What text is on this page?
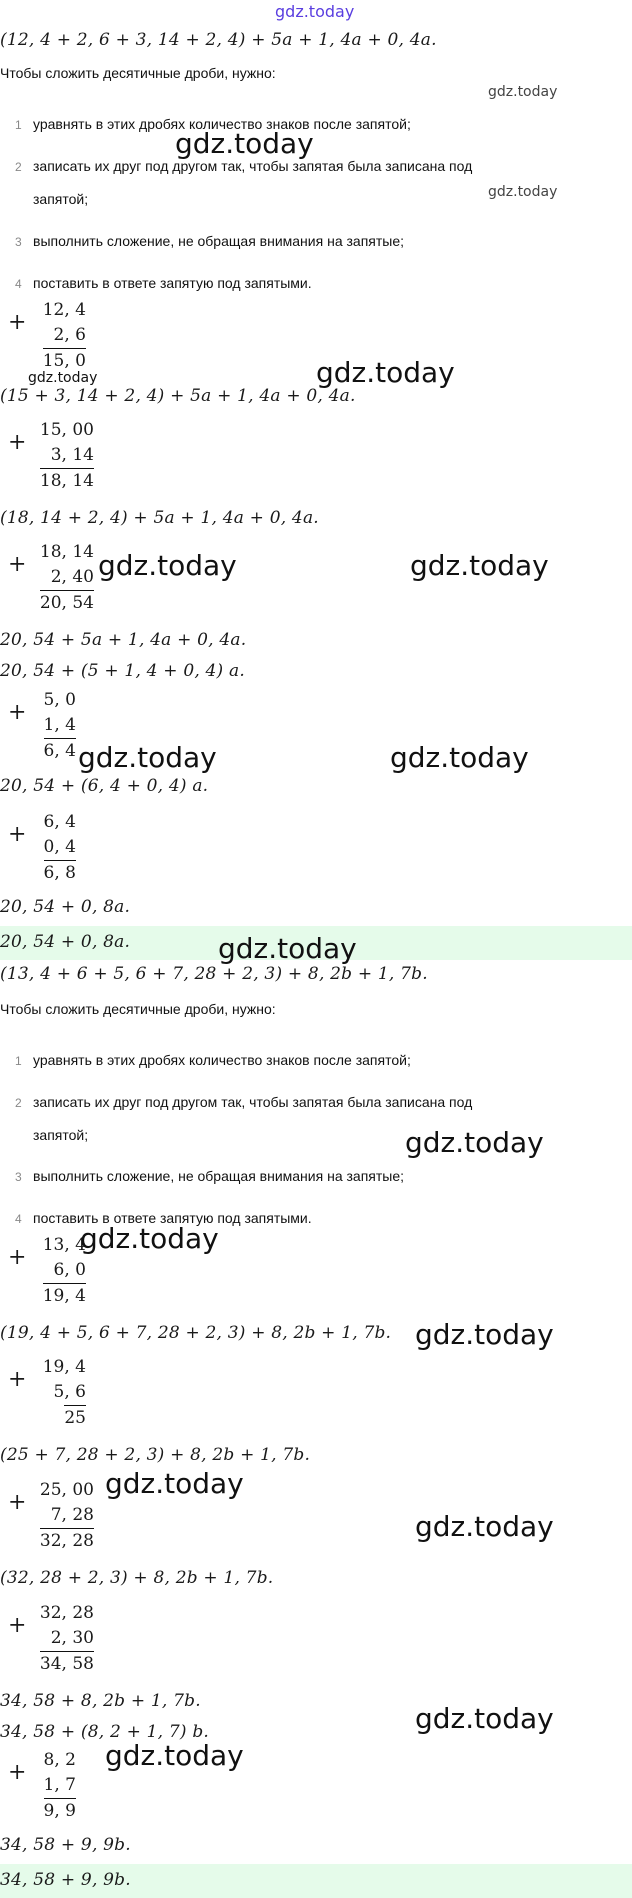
gdz.today
(12, 4 + 2, 6 + 3, 14 + 2, 4) + 5a + 1, 4a + 0, 4a.
Чтобы сложить десятичные дроби, нужно:
gdz.today
1 уравнять в этих дробях количество знаков после запятой;
gdz.today
2 записать их друг под другом так, чтобы запятая была записана под
запятой;	gdz.today
3 выполнить сложение, не обращая внимания на запятые;
4 поставить в ответе запятую под запятыми.
+ 12, 4
2, 6
15, 0
gdz.today	gdz.today
(15 + 3, 14 + 2, 4) + 5a + 1, 4a + 0, 4a.
+ 15, 00
3, 14
18, 14
(18, 14 + 2, 4) + 5a + 1, 4a + 0, 4a.
+ 18, 14
2, 40
20, 54
gdz.today	gdz.today
20, 54 + 5a + 1, 4a + 0, 4a.
20, 54 + (5 + 1, 4 + 0, 4) a.
+	5, 0
1, 4
6, 4 gdz.today	gdz.today
20, 54 + (6, 4 + 0, 4) a.
+	6, 4
0, 4
6, 8
20, 54 + 0, 8a.
20, 54 + 0, 8a.	gdz.today
(13, 4 + 6 + 5, 6 + 7, 28 + 2, 3) + 8, 2b + 1, 7b.
Чтобы сложить десятичные дроби, нужно:
1 уравнять в этих дробях количество знаков после запятой;
2 записать их друг под другом так, чтобы запятая была записана под
запятой;	gdz.today
3 выполнить сложение, не обращая внимания на запятые;
4 поставить в ответе запятую под запятыми.
+ 13, 4
6, 0
19, 4
gdz.today
(19, 4 + 5, 6 + 7, 28 + 2, 3) + 8, 2b + 1, 7b. gdz.today
+ 19, 4
5, 6
25
(25 + 7, 28 + 2, 3) + 8, 2b + 1, 7b.
+ 25, 00
7, 28
32, 28
gdz.today
gdz.today
(32, 28 + 2, 3) + 8, 2b + 1, 7b.
+ 32, 28
2, 30
34, 58
34, 58 + 8, 2b + 1, 7b.
34, 58 + (8, 2 + 1, 7) b.	gdz.today
+	8, 2
1, 7
9, 9
gdz.today
34, 58 + 9, 9b.
34, 58 + 9, 9b.
